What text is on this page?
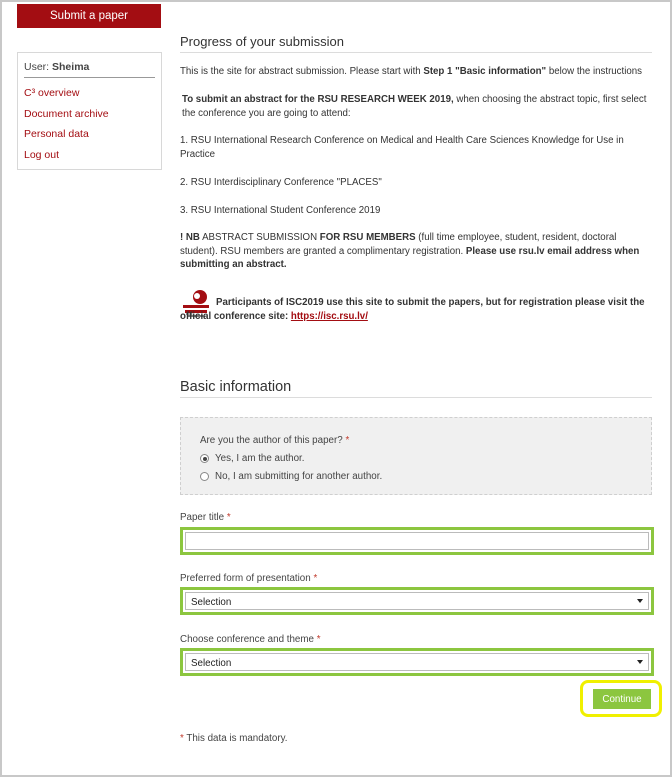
Submit a paper
User: Sheima
C³ overview
Document archive
Personal data
Log out
Progress of your submission
This is the site for abstract submission. Please start with Step 1 "Basic information" below the instructions
To submit an abstract for the RSU RESEARCH WEEK 2019, when choosing the abstract topic, first select the conference you are going to attend:
1. RSU International Research Conference on Medical and Health Care Sciences Knowledge for Use in Practice
2. RSU Interdisciplinary Conference "PLACES"
3. RSU International Student Conference 2019
! NB ABSTRACT SUBMISSION FOR RSU MEMBERS (full time employee, student, resident, doctoral student). RSU members are granted a complimentary registration. Please use rsu.lv email address when submitting an abstract.
Participants of ISC2019 use this site to submit the papers, but for registration please visit the official conference site: https://isc.rsu.lv/
Basic information
Are you the author of this paper? *
Yes, I am the author.
No, I am submitting for another author.
Paper title *
Preferred form of presentation *
Selection
Choose conference and theme *
Selection
Continue
* This data is mandatory.
